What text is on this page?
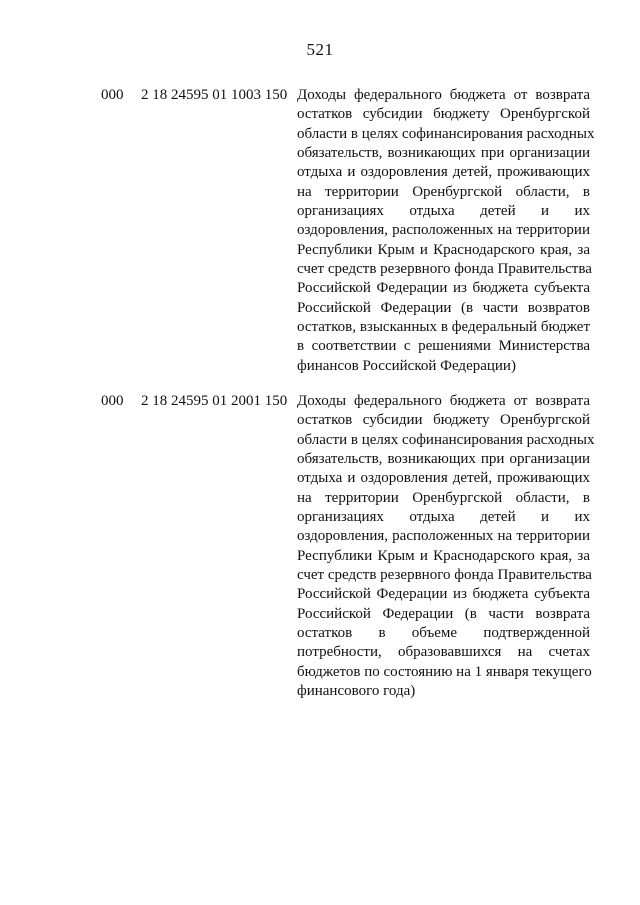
521
000 2 18 24595 01 1003 150 Доходы федерального бюджета от возврата
остатков субсидии бюджету Оренбургской
области в целях софинансирования расходных
обязательств, возникающих при организации
отдыха и оздоровления детей, проживающих
на территории Оренбургской области, в
организациях отдыха детей и их
оздоровления, расположенных на территории
Республики Крым и Краснодарского края, за
счет средств резервного фонда Правительства
Российской Федерации из бюджета субъекта
Российской Федерации (в части возвратов
остатков, взысканных в федеральный бюджет
в соответствии с решениями Министерства
финансов Российской Федерации)
000 2 18 24595 01 2001 150 Доходы федерального бюджета от возврата
остатков субсидии бюджету Оренбургской
области в целях софинансирования расходных
обязательств, возникающих при организации
отдыха и оздоровления детей, проживающих
на территории Оренбургской области, в
организациях отдыха детей и их
оздоровления, расположенных на территории
Республики Крым и Краснодарского края, за
счет средств резервного фонда Правительства
Российской Федерации из бюджета субъекта
Российской Федерации (в части возврата
остатков в объеме подтвержденной
потребности, образовавшихся на счетах
бюджетов по состоянию на 1 января текущего
финансового года)
